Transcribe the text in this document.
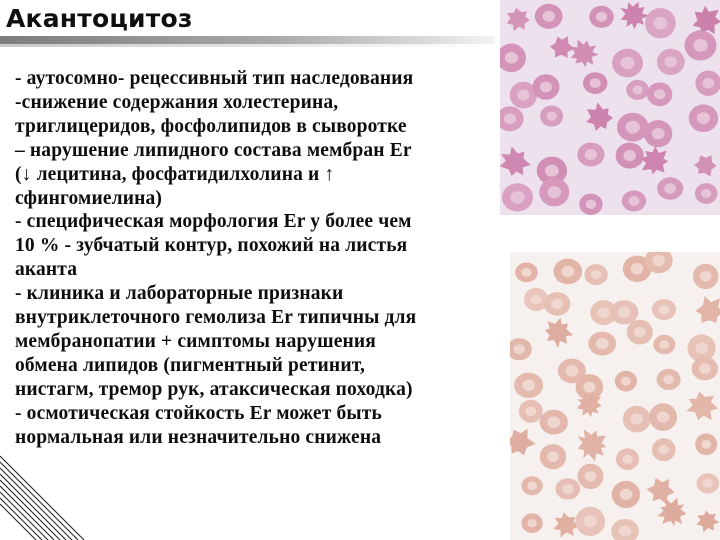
Акантоцитоз
- аутосомно- рецессивный тип наследования
-снижение содержания холестерина,
триглицеридов, фосфолипидов в сыворотке
– нарушение липидного состава мембран Er
(↓ лецитина, фосфатидилхолина и ↑
сфингомиелина)
- специфическая морфология Er у более чем
10 % - зубчатый контур, похожий на листья
аканта
- клиника и лабораторные признаки
внутриклеточного гемолиза Er типичны для
мембранопатии + симптомы нарушения
обмена липидов (пигментный ретинит,
нистагм, тремор рук, атаксическая походка)
- осмотическая стойкость Er может быть
нормальная или незначительно снижена
